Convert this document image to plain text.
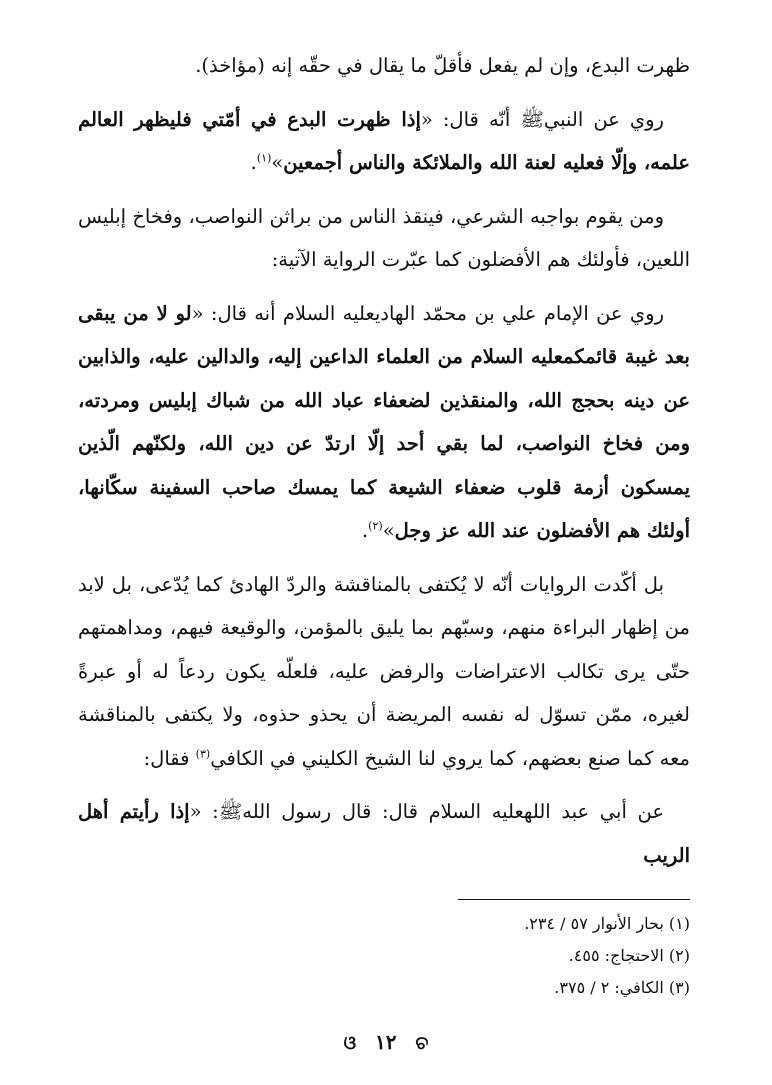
ظهرت البدع، وإن لم يفعل فأقلّ ما يقال في حقّه إنه (مؤاخذ).

روي عن النبيﷺ أنّه قال: «إذا ظهرت البدع في أمّتي فليظهر العالم علمه، وإلّا فعليه لعنة الله والملائكة والناس أجمعين»$^{(١)}$.

ومن يقوم بواجبه الشرعي، فينقذ الناس من براثن النواصب، وفخاخ إبليس اللعين، فأولئك هم الأفضلون كما عبّرت الرواية الآتية:

روي عن الإمام علي بن محمّد الهاديعليه السلام أنه قال: «لو لا من يبقى بعد غيبة قائمكمعليه السلام من العلماء الداعين إليه، والدالين عليه، والذابين عن دينه بحجج الله، والمنقذين لضعفاء عباد الله من شباك إبليس ومردته، ومن فخاخ النواصب، لما بقي أحد إلّا ارتدّ عن دين الله، ولكنّهم الّذين يمسكون أزمة قلوب ضعفاء الشيعة كما يمسك صاحب السفينة سكّانها، أولئك هم الأفضلون عند الله عز وجل»$^{(٢)}$.

بل أكّدت الروايات أنّه لا يُكتفى بالمناقشة والردّ الهادئ كما يُدّعى، بل لابد من إظهار البراءة منهم، وسبّهم بما يليق بالمؤمن، والوقيعة فيهم، ومداهمتهم حتّى يرى تكالب الاعتراضات والرفض عليه، فلعلّه يكون ردعاً له أو عبرةً لغيره، ممّن تسوّل له نفسه المريضة أن يحذو حذوه، ولا يكتفى بالمناقشة معه كما صنع بعضهم، كما يروي لنا الشيخ الكليني في الكافي$^{(٣)}$ فقال:

عن أبي عبد اللهعليه السلام قال: قال رسول اللهﷺ: «إذا رأيتم أهل الريب

(١) بحار الأنوار ٥٧ / ٢٣٤.
(٢) الاحتجاج: ٤٥٥.
(٣) الكافي: ٢ / ٣٧٥.
ଓ ١٢ ଚ
